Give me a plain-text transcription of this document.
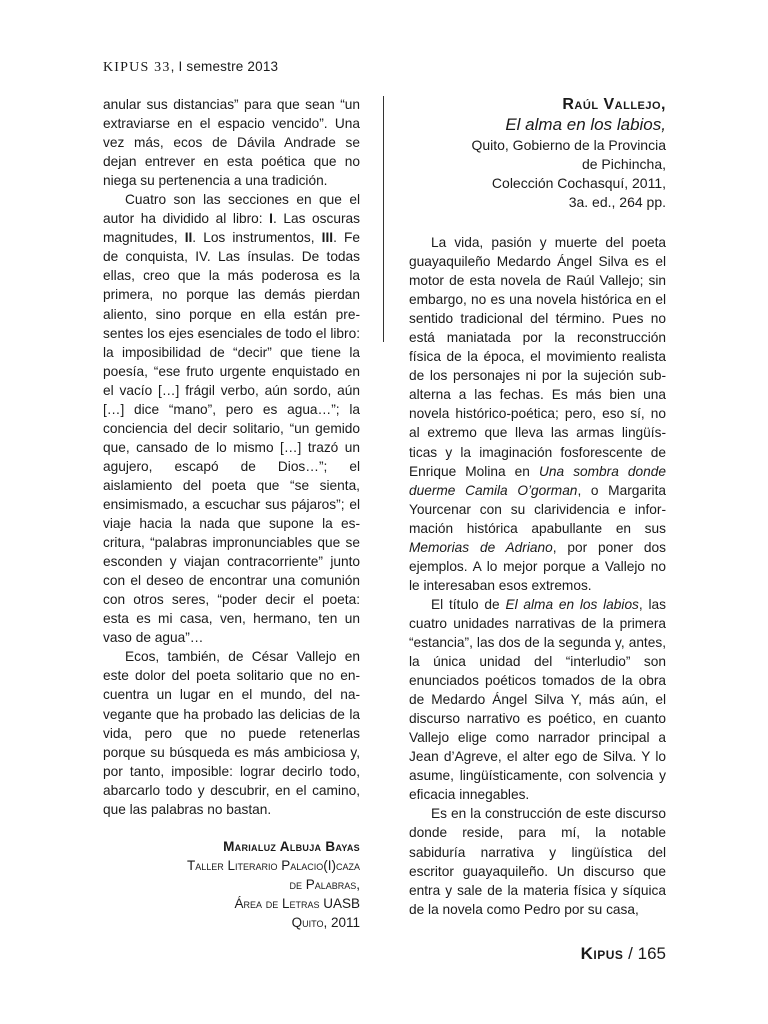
KIPUS 33, I semestre 2013

anular sus distancias” para que sean “un extraviarse en el espacio vencido”. Una vez más, ecos de Dávila Andrade se dejan entrever en esta poética que no niega su pertenencia a una tradición.

Cuatro son las secciones en que el autor ha dividido al libro: I. Las oscuras magnitudes, II. Los instrumentos, III. Fe de conquista, IV. Las ínsulas. De todas ellas, creo que la más poderosa es la primera, no porque las demás pierdan aliento, sino porque en ella están presentes los ejes esenciales de todo el libro: la imposibilidad de “decir” que tiene la poesía, “ese fruto urgente enquistado en el vacío […] frágil verbo, aún sordo, aún […] dice “mano”, pero es agua…”; la conciencia del decir solitario, “un gemido que, cansado de lo mismo […] trazó un agujero, escapó de Dios…”; el aislamiento del poeta que “se sienta, ensimismado, a escuchar sus pájaros”; el viaje hacia la nada que supone la escritura, “palabras impronunciables que se esconden y viajan contracorriente” junto con el deseo de encontrar una comunión con otros seres, “poder decir el poeta: esta es mi casa, ven, hermano, ten un vaso de agua”…

Ecos, también, de César Vallejo en este dolor del poeta solitario que no encuentra un lugar en el mundo, del navegante que ha probado las delicias de la vida, pero que no puede retenerlas porque su búsqueda es más ambiciosa y, por tanto, imposible: lograr decirlo todo, abarcarlo todo y descubrir, en el camino, que las palabras no bastan.

Marialuz Albuja Bayas
Taller Literario Palacio(I)caza
de Palabras,
Área de Letras UASB
Quito, 2011
Raúl Vallejo,
El alma en los labios,
Quito, Gobierno de la Provincia
de Pichincha,
Colección Cochasquí, 2011,
3a. ed., 264 pp.

La vida, pasión y muerte del poeta guayaquileño Medardo Ángel Silva es el motor de esta novela de Raúl Vallejo; sin embargo, no es una novela histórica en el sentido tradicional del término. Pues no está maniatada por la reconstrucción física de la época, el movimiento realista de los personajes ni por la sujeción subalterna a las fechas. Es más bien una novela histórico-poética; pero, eso sí, no al extremo que lleva las armas lingüísticas y la imaginación fosforescente de Enrique Molina en Una sombra donde duerme Camila O’gorman, o Margarita Yourcenar con su clarividencia e información histórica apabullante en sus Memorias de Adriano, por poner dos ejemplos. A lo mejor porque a Vallejo no le interesaban esos extremos.

El título de El alma en los labios, las cuatro unidades narrativas de la primera “estancia”, las dos de la segunda y, antes, la única unidad del “interludio” son enunciados poéticos tomados de la obra de Medardo Ángel Silva Y, más aún, el discurso narrativo es poético, en cuanto Vallejo elige como narrador principal a Jean d’Agreve, el alter ego de Silva. Y lo asume, lingüísticamente, con solvencia y eficacia innegables.

Es en la construcción de este discurso donde reside, para mí, la notable sabiduría narrativa y lingüística del escritor guayaquileño. Un discurso que entra y sale de la materia física y síquica de la novela como Pedro por su casa,

Kipus / 165
